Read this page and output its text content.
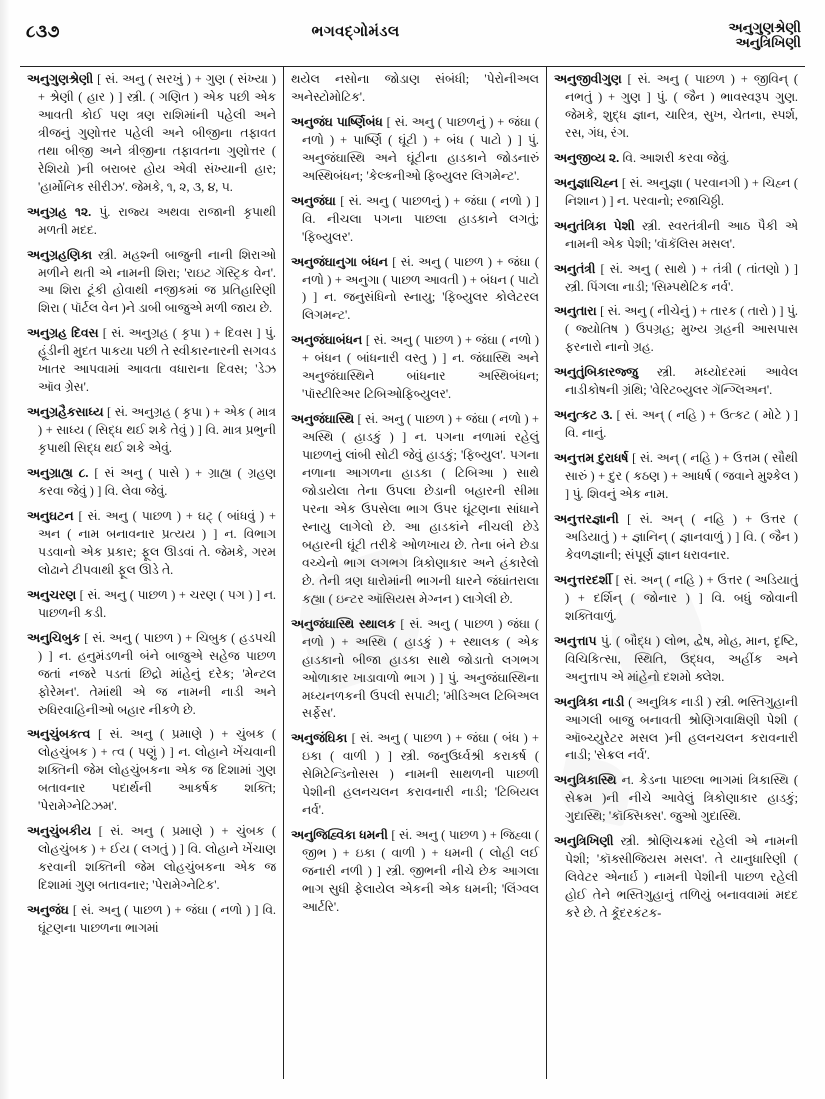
૮૩૭	ભગવદ્ગોમંડલ	અનુગુણશ્રેણી
અનુત્રિખિણી

અનુગુણશ્રેણી [ સં. અનુ ( સરખું ) + ગુણ ( સંખ્યા ) + શ્રેણી ( હાર ) ] સ્ત્રી. ( ગણિત ) એક પછી એક આવતી કોઈ પણ ત્રણ રાશિમાંની પહેલી અને ત્રીજનું ગુણોત્તર પહેલી અને બીજીના તફાવત તથા બીજી અને ત્રીજીના તફાવતના ગુણોત્તર ( રેશિયો )ની બરાબર હોય એવી સંખ્યાની હાર; 'હાર્મોનિક સીરીઝ'. જેમકે, ૧, ૨, ૩, ૪, ૫.

અનુગ્રહ ૧૨. પું. રાજ્ય અથવા રાજાની કૃપાથી મળતી મદદ.

અનુગ્રહણિકા સ્ત્રી. મહશ્ની બાજુની નાની શિરાઓ મળીને થતી એ નામની શિરા; 'રાઇટ ગૅસ્ટ્રિક વેન'. આ શિરા ટૂંકી હોવાથી નજીકમાં જ પ્રતિહારિણી શિરા ( પૉર્ટલ વેન )ને ડાબી બાજુએ મળી જાય છે.

અનુગ્રહ દિવસ [ સં. અનુગ્રહ ( કૃપા ) + દિવસ ] પું. હૂંડીની મુદત પાકયા પછી તે સ્વીકારનારની સગવડ ખાતર આપવામાં આવતા વધારાના દિવસ; 'ડેઝ ઑવ ગ્રેસ'.

અનુગ્રહૈકસાધ્ય [ સં. અનુગ્રહ ( કૃપા ) + એક ( માત્ર ) + સાધ્ય ( સિદ્ધ થઈ શકે તેવું ) ] વિ. માત્ર પ્રભુની કૃપાથી સિદ્ધ થઈ શકે એવું.

અનુગ્રાહ્ય ૮. [ સં અનુ ( પાસે ) + ગ્રાહ્ય ( ગ્રહણ કરવા જેવું ) ] વિ. લેવા જેવું.

અનુઘટન [ સં. અનુ ( પાછળ ) + ઘટ્ ( બાંધવું ) + અન ( નામ બનાવનાર પ્રત્યય ) ] ન. વિભાગ પડવાનો એક પ્રકાર; ફૂલ ઊડવાં તે. જેમકે, ગરમ લોઢાને ટીપવાથી ફૂલ ઊડે તે.

અનુચરણ [ સં. અનુ ( પાછળ ) + ચરણ ( પગ ) ] ન. પાછળની કડી.

અનુચિબુક [ સં. અનુ ( પાછળ ) + ચિબુક ( હડપચી ) ] ન. હનુમંડળની બંને બાજુએ સહેજ પાછળ જતાં નજરે પડતાં છિદ્રો માંહેનું દરેક; 'મેન્ટલ ફોરેમન'. તેમાંથી એ જ નામની નાડી અને રુધિરવાહિનીઓ બહાર નીકળે છે.

અનુચુંબકત્વ [ સં. અનુ ( પ્રમાણે ) + ચુંબક ( લોહચુંબક ) + ત્વ ( પણું ) ] ન. લોહાને ખેંચવાની શક્તિની જેમ લોહચુંબકના એક જ દિશામાં ગુણ બતાવનાર પદાર્થની આકર્ષક શક્તિ; 'પેરામેગ્નેટિઝમ'.

અનુચુંબકીય [ સં. અનુ ( પ્રમાણે ) + ચુંબક ( લોહચુંબક ) + ઈય ( લગતું ) ] વિ. લોહાને ખેંચાણ કરવાની શક્તિની જેમ લોહચુંબકના એક જ દિશામાં ગુણ બતાવનાર; 'પેરામેગ્નેટિક'.

અનુજંઘ [ સં. અનુ ( પાછળ ) + જંઘા ( નળો ) ] વિ. ઘૂંટણના પાછળના ભાગમાં

થયેલ નસોના જોડાણ સંબંધી; 'પેરોનીઅલ અનેસ્ટોમોટિક'.

અનુજંઘ પાર્ષ્ણિબંધ [ સં. અનુ ( પાછળનું ) + જંઘા ( નળો ) + પાર્ષ્ણિ ( ઘૂંટી ) + બંધ ( પાટો ) ] પું. અનુજંઘાસ્થિ અને ઘૂંટીના હાડકાને જોડનારું અસ્થિબંધન; 'કેલ્કનીઓ ફિબ્યુલર લિગમેન્ટ'.

અનુજંઘા [ સં. અનુ ( પાછળનું ) + જંઘા ( નળો ) ] વિ. નીચલા પગના પાછલા હાડકાને લગતું; 'ફિબ્યુલર'.

અનુજંઘાનુગા બંધન [ સં. અનુ ( પાછળ ) + જંઘા ( નળો ) + અનુગા ( પાછળ આવતી ) + બંધન ( પાટો ) ] ન. જનુસંધિનો સ્નાયુ; 'ફિબ્યુલર કોલેટરલ લિગમન્ટ'.

અનુજંઘાબંધન [ સં. અનુ ( પાછળ ) + જંઘા ( નળો ) + બંધન ( બાંધનારી વસ્તુ ) ] ન. જંઘાસ્થિ અને અનુજંઘાસ્થિને બાંધનાર અસ્થિબંધન; 'પૉસ્ટીરિઅર ટિબિઓફિબ્યુલર'.

અનુજંઘાસ્થિ [ સં. અનુ ( પાછળ ) + જંઘા ( નળો ) + અસ્થિ ( હાડકું ) ] ન. પગના નળામાં રહેલું પાછળનું લાંબી સોટી જેવું હાડકું; 'ફિબ્યુલ'. પગના નળાના આગળના હાડકા ( ટિબિઆ ) સાથે જોડાયેલા તેના ઉપલા છેડાની બહારની સીમા પરના એક ઉપસેલા ભાગ ઉપર ઘૂંટણના સાંધાને સ્નાયુ લાગેલો છે. આ હાડકાંને નીચલી છેડે બહારની ઘૂંટી તરીકે ઓળખાય છે. તેના બંને છેડા વચ્ચેનો ભાગ લગભગ ત્રિકોણાકાર અને હંકારેલો છે. તેની ત્રણ ધારોમાંની ભાગની ધારને જંઘાંતરાલા કહ્યા ( ઇન્ટર ઑસિયસ મેગ્નન ) લાગેલી છે.

અનુજંઘાસ્થિ સ્થાલક [ સં. અનુ ( પાછળ ) જંઘા ( નળો ) + અસ્થિ ( હાડકું ) + સ્થાલક ( એક હાડકાનો બીજા હાડકા સાથે જોડાતો લગભગ ઓળાકાર ખાડાવાળો ભાગ ) ] પું. અનુજંઘાસ્થિના મધ્યનળકની ઉપલી સપાટી; 'મીડિઅલ ટિબિઅલ સર્ફેસ'.

અનુજંઘિકા [ સં. અનુ ( પાછળ ) + જંઘા ( બંધ ) + ઇકા ( વાળી ) ] સ્ત્રી. જનુઉર્ધ્વશ્રી કરાકર્ષ ( સેમિટેન્ડિનોસસ ) નામની સાથળની પાછળી પેશીની હલનચલન કરાવનારી નાડી; 'ટિબિયલ નર્વ'.

અનુજિહ્વિકા ધમની [ સં. અનુ ( પાછળ ) + જિહ્વા ( જીભ ) + ઇકા ( વાળી ) + ધમની ( લોહી લઈ જનારી નળી ) ] સ્ત્રી. જીભની નીચે છેક આગલા ભાગ સુધી ફેલાયેલ એકની એક ધમની; 'લિંગ્વલ આર્ટરિ'.

અનુજીવીગુણ [ સં. અનુ ( પાછળ ) + જીવિન્ ( નભતું ) + ગુણ ] પું. ( જૈન ) ભાવસ્વરૂપ ગુણ. જેમકે, શુદ્ધ જ્ઞાન, ચારિત્ર, સુખ, ચેતના, સ્પર્શ, રસ, ગંધ, રંગ.

અનુજીવ્ય ૨. વિ. આશરી કરવા જેવું.

અનુજ્ઞાચિહ્ન [ સં. અનુજ્ઞા ( પરવાનગી ) + ચિહ્ન ( નિશાન ) ] ન. પરવાનો; રજાચિઠ્ઠી.

અનુતંત્રિકા પેશી સ્ત્રી. સ્વરતંત્રીની આઠ પૈકી એ નામની એક પેશી; 'વૉકૅલિસ મસલ'.

અનુતંત્રી [ સં. અનુ ( સાથે ) + તંત્રી ( તાંતણો ) ] સ્ત્રી. પિંગલા નાડી; 'સિમ્પથેટિક નર્વ'.

અનુતારા [ સં. અનુ ( નીચેનું ) + તારક ( તારો ) ] પું. ( જ્યોતિષ ) ઉપગ્રહ; મુખ્ય ગ્રહની આસપાસ ફરનારો નાનો ગ્રહ.

અનુતુંબિકારજ્જુ સ્ત્રી. મધ્યોદરમાં આવેલ નાડીકોષની ગ્રંથિ; 'વેરિટબ્યુલર ગૅન્ગ્લિઅન'.

અનુત્કટ ૩. [ સં. અન્ ( નહિ ) + ઉત્કટ ( મોટે ) ] વિ. નાનું.

અનુત્તમ દુરાધર્ષ [ સં. અન્ ( નહિ ) + ઉત્તમ ( સૌથી સારું ) + દુર ( કઠણ ) + આધર્ષ ( જવાને મુશ્કેલ ) ] પું. શિવનું એક નામ.

અનુત્તરજ્ઞાની [ સં. અન્ ( નહિ ) + ઉત્તર ( અડિયાતું ) + જ્ઞાનિન્ ( જ્ઞાનવાળું ) ] વિ. ( જૈન ) કેવળજ્ઞાની; સંપૂર્ણ જ્ઞાન ધરાવનાર.

અનુત્તરદર્શી [ સં. અન્ ( નહિ ) + ઉત્તર ( અડિયાતું ) + દર્શિન્ ( જોનાર ) ] વિ. બધું જોવાની શક્તિવાળું.

અનુત્તાપ પું. ( બૌદ્ધ ) લોભ, દ્વેષ, મોહ, માન, દૃષ્ટિ, વિચિકિત્સા, સ્થિતિ, ઉદ્ધવ, અહીંક અને અનુત્તાપ એ માંહેનો દશમો ક્લેશ.

અનુત્રિકા નાડી ( અનુત્રિક નાડી ) સ્ત્રી. ભસ્તિગુહાની આગલી બાજુ બનાવતી શ્રોણિગવાક્ષિણી પેશી ( ઑબ્ચ્યુરેટર મસલ )ની હલનચલન કરાવનારી નાડી; 'સેક્રલ નર્વ'.

અનુત્રિકાસ્થિ ન. કેડના પાછલા ભાગમાં ત્રિકાસ્થિ ( સેક્રમ )ની નીચે આવેલું ત્રિકોણાકાર હાડકું; ગુદાસ્થિ; 'કૉક્સિક્સ'. જુઓ ગુદાસ્થિ.

અનુત્રિખિણી સ્ત્રી. શ્રોણિચક્રમાં રહેલી એ નામની પેશી; 'કૉક્સીજિયસ મસલ'. તે યાનુધારિણી ( લિવેટર એનાર્ઇ ) નામની પેશીની પાછળ રહેલી હોઈ તેને ભસ્તિગુહાનું તળિયું બનાવવામાં મદદ કરે છે. તે કૅૂંદરકંટક-
